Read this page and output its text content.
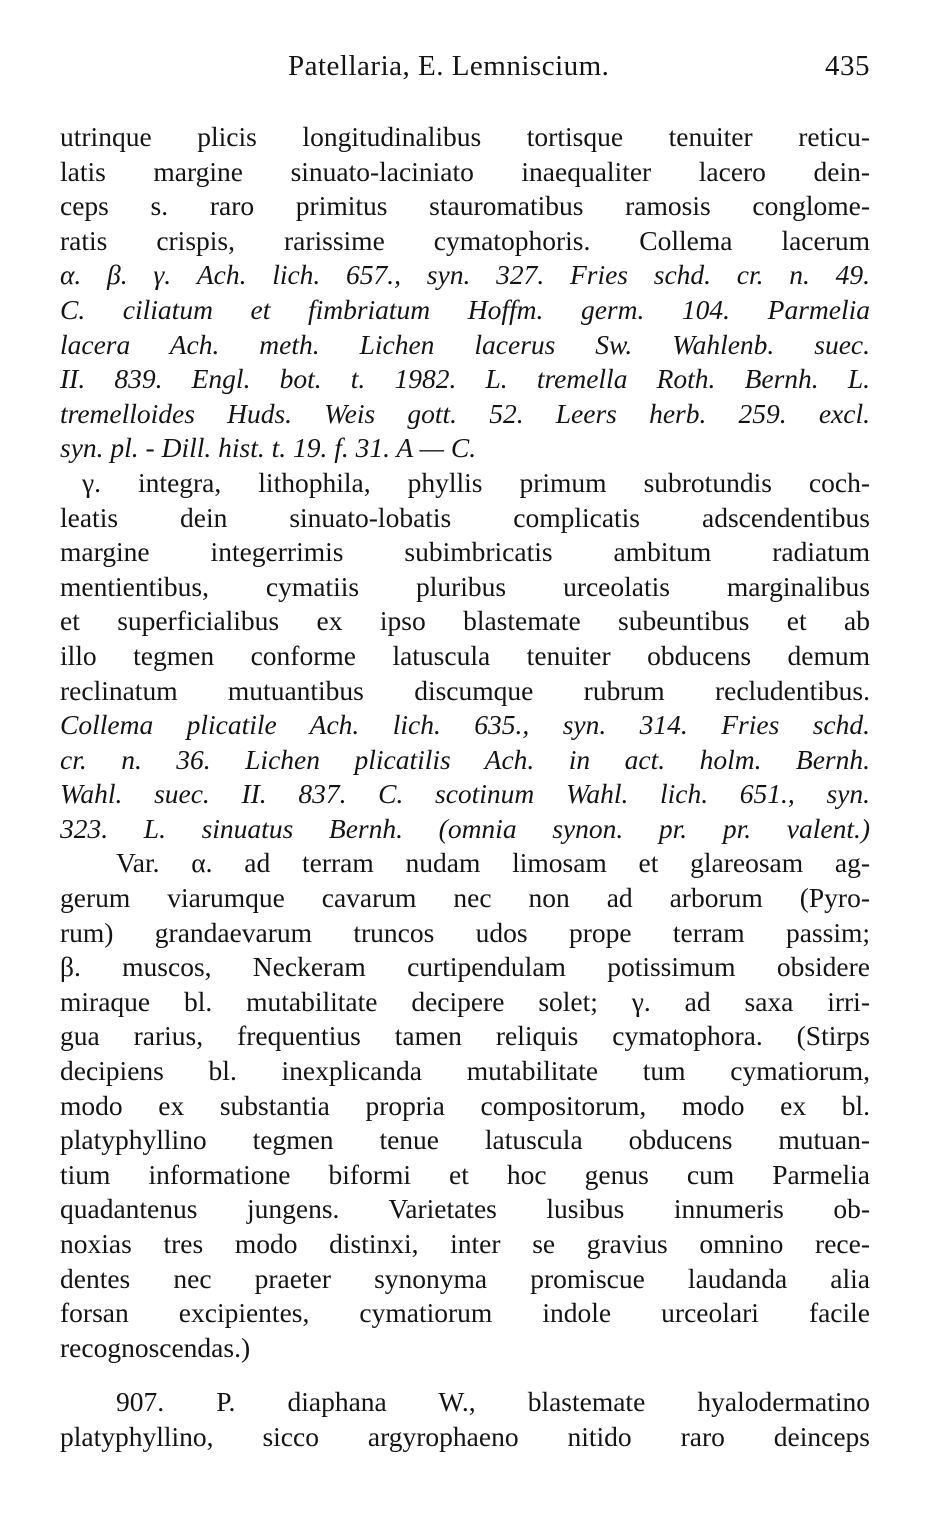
Patellaria, E. Lemniscium.	435
utrinque plicis longitudinalibus tortisque tenuiter reticu-
latis margine sinuato-laciniato inaequaliter lacero dein-
ceps s. raro primitus stauromatibus ramosis conglome-
ratis crispis, rarissime cymatophoris. Collema lacerum
α. β. γ. Ach. lich. 657., syn. 327. Fries schd. cr. n. 49.
C. ciliatum et fimbriatum Hoffm. germ. 104. Parmelia
lacera Ach. meth. Lichen lacerus Sw. Wahlenb. suec.
II. 839. Engl. bot. t. 1982. L. tremella Roth. Bernh. L.
tremelloides Huds. Weis gott. 52. Leers herb. 259. excl.
syn. pl. - Dill. hist. t. 19. f. 31. A — C.
γ. integra, lithophila, phyllis primum subrotundis coch-
leatis dein sinuato-lobatis complicatis adscendentibus
margine integerrimis subimbricatis ambitum radiatum
mentientibus, cymatiis pluribus urceolatis marginalibus
et superficialibus ex ipso blastemate subeuntibus et ab
illo tegmen conforme latuscula tenuiter obducens demum
reclinatum mutuantibus discumque rubrum recludentibus.
Collema plicatile Ach. lich. 635., syn. 314. Fries schd.
cr. n. 36. Lichen plicatilis Ach. in act. holm. Bernh.
Wahl. suec. II. 837. C. scotinum Wahl. lich. 651., syn.
323. L. sinuatus Bernh. (omnia synon. pr. pr. valent.)
Var. α. ad terram nudam limosam et glareosam ag-
gerum viarumque cavarum nec non ad arborum (Pyro-
rum) grandaevarum truncos udos prope terram passim;
β. muscos, Neckeram curtipendulam potissimum obsidere
miraque bl. mutabilitate decipere solet; γ. ad saxa irri-
gua rarius, frequentius tamen reliquis cymatophora. (Stirps
decipiens bl. inexplicanda mutabilitate tum cymatiorum,
modo ex substantia propria compositorum, modo ex bl.
platyphyllino tegmen tenue latuscula obducens mutuan-
tium informatione biformi et hoc genus cum Parmelia
quadantenus jungens. Varietates lusibus innumeris ob-
noxias tres modo distinxi, inter se gravius omnino rece-
dentes nec praeter synonyma promiscue laudanda alia
forsan excipientes, cymatiorum indole urceolari facile
recognoscendas.)
907. P. diaphana W., blastemate hyalodermatino
platyphyllino, sicco argyrophaeno nitido raro deinceps
